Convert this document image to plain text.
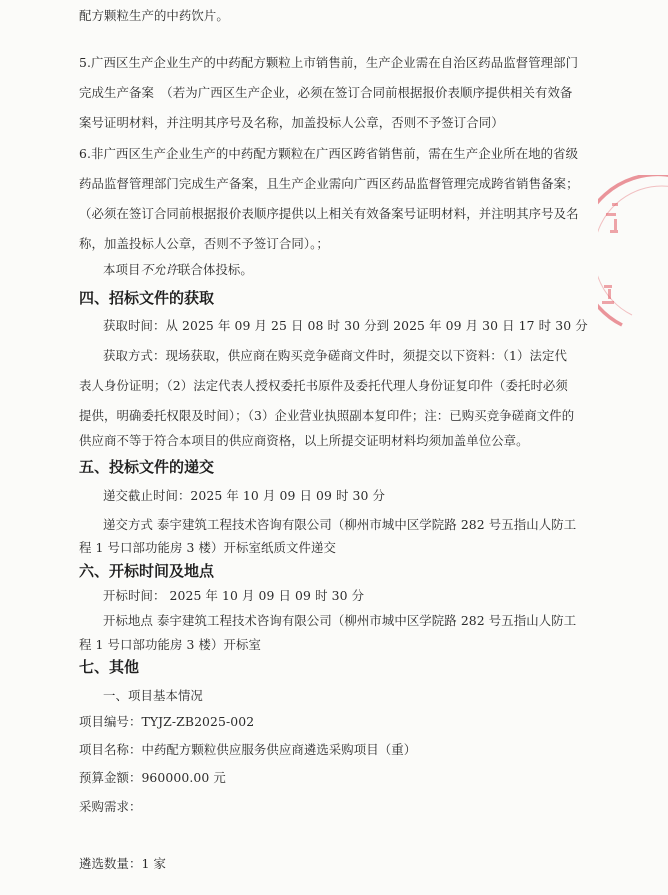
配方颗粒生产的中药饮片。
5.广西区生产企业生产的中药配方颗粒上市销售前，生产企业需在自治区药品监督管理部门
完成生产备案　（若为广西区生产企业，必须在签订合同前根据报价表顺序提供相关有效备
案号证明材料，并注明其序号及名称，加盖投标人公章，否则不予签订合同）
6.非广西区生产企业生产的中药配方颗粒在广西区跨省销售前，需在生产企业所在地的省级
药品监督管理部门完成生产备案，且生产企业需向广西区药品监督管理完成跨省销售备案；
（必须在签订合同前根据报价表顺序提供以上相关有效备案号证明材料，并注明其序号及名
称，加盖投标人公章，否则不予签订合同）。；
本项目不允许联合体投标。
四、招标文件的获取
获取时间：从 2025 年 09 月 25 日 08 时 30 分到 2025 年 09 月 30 日 17 时 30 分
获取方式：现场获取，供应商在购买竞争磋商文件时，须提交以下资料：（1）法定代
表人身份证明；（2）法定代表人授权委托书原件及委托代理人身份证复印件（委托时必须
提供，明确委托权限及时间）；（3）企业营业执照副本复印件；注：已购买竞争磋商文件的
供应商不等于符合本项目的供应商资格，以上所提交证明材料均须加盖单位公章。
五、投标文件的递交
递交截止时间：2025 年 10 月 09 日 09 时 30 分
递交方式 泰宇建筑工程技术咨询有限公司（柳州市城中区学院路 282 号五指山人防工
程 1 号口部功能房 3 楼）开标室纸质文件递交
六、开标时间及地点
开标时间： 2025 年 10 月 09 日 09 时 30 分
开标地点 泰宇建筑工程技术咨询有限公司（柳州市城中区学院路 282 号五指山人防工
程 1 号口部功能房 3 楼）开标室
七、其他
一、项目基本情况
项目编号：TYJZ-ZB2025-002
项目名称：中药配方颗粒供应服务供应商遴选采购项目（重）
预算金额：960000.00 元
采购需求：
遴选数量：1 家
